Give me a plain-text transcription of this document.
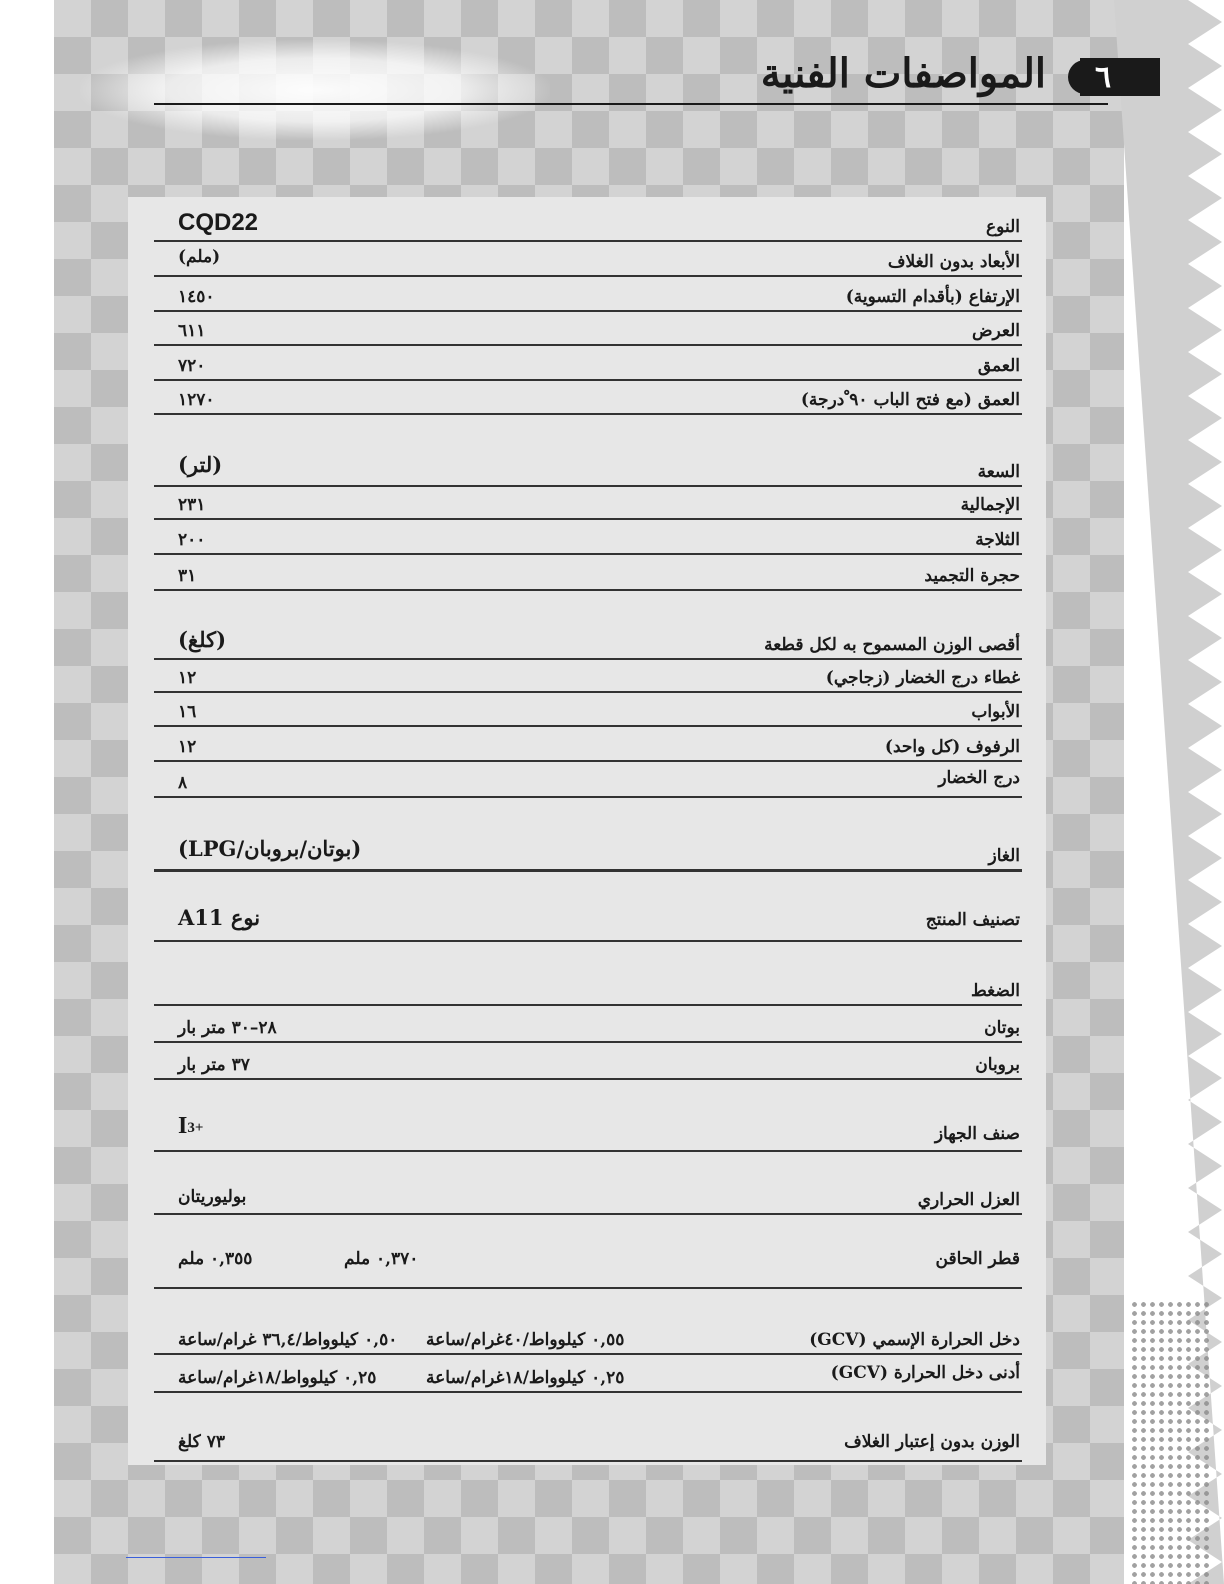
٦
المواصفات الفنية
النوع
CQD22
الأبعاد بدون الغلاف
(ملم)
الإرتفاع (بأقدام التسوية)
١٤٥٠
العرض
٦١١
العمق
٧٢٠
العمق (مع فتح الباب ٩٠ ْدرجة)
١٢٧٠
السعة
(لتر)
الإجمالية
٢٣١
الثلاجة
٢٠٠
حجرة التجميد
٣١
أقصى الوزن المسموح به لكل قطعة
(كلغ)
غطاء درج الخضار (زجاجي)
١٢
الأبواب
١٦
الرفوف (كل واحد)
١٢
درج الخضار
٨
الغاز
(بوتان/بروبان/LPG)
تصنيف المنتج
نوع A11
الضغط
بوتان
٢٨–٣٠ متر بار
بروبان
٣٧ متر بار
صنف الجهاز
$I_{3+}$
العزل الحراري
بوليوريتان
قطر الحاقن
٠,٣٧٠ ملم
٠,٣٥٥ ملم
دخل الحرارة الإسمي (GCV)
٠,٥٥ كيلوواط/٤٠غرام/ساعة
٠,٥٠ كيلوواط/٣٦,٤ غرام/ساعة
أدنى دخل الحرارة (GCV)
٠,٢٥ كيلوواط/١٨غرام/ساعة
٠,٢٥ كيلوواط/١٨غرام/ساعة
الوزن بدون إعتبار الغلاف
٧٣ كلغ
